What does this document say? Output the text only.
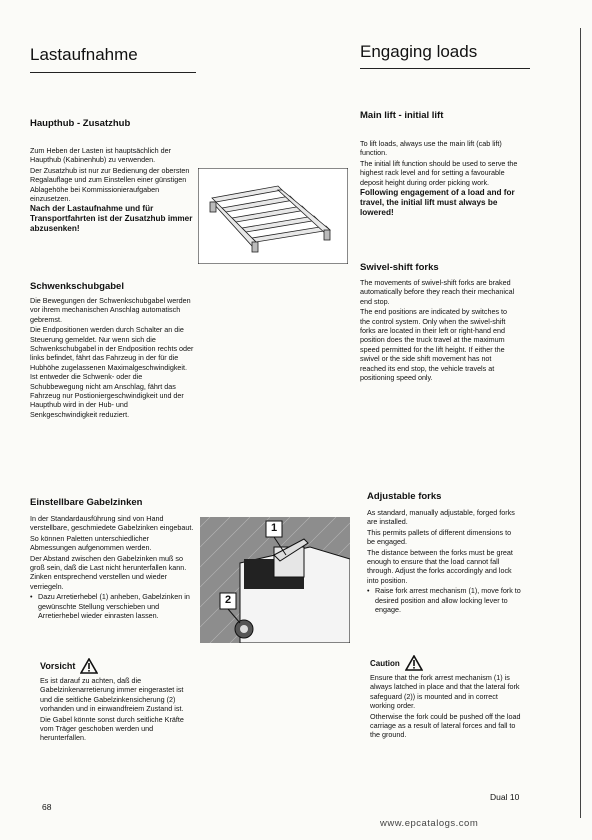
Lastaufnahme	Engaging loads
Haupthub - Zusatzhub

Zum Heben der Lasten ist hauptsächlich der Haupthub (Kabinenhub) zu verwenden.

Der Zusatzhub ist nur zur Bedienung der obersten Regalauflage und zum Einstellen einer günstigen Ablagehöhe bei Kommissionieraufgaben einzusetzen.

Nach der Lastaufnahme und für Transportfahrten ist der Zusatzhub immer abzusenken!

Main lift - initial lift

To lift loads, always use the main lift (cab lift) function.

The initial lift function should be used to serve the highest rack level and for setting a favourable deposit height during order picking work.

Following engagement of a load and for travel, the initial lift must always be lowered!

Schwenkschubgabel

Die Bewegungen der Schwenkschubgabel werden vor ihrem mechanischen Anschlag automatisch gebremst.

Die Endpositionen werden durch Schalter an die Steuerung gemeldet. Nur wenn sich die Schwenkschubgabel in der Endposition rechts oder links befindet, fährt das Fahrzeug in der für die Hubhöhe zugelassenen Maximalgeschwindigkeit. Ist entweder die Schwenk- oder die Schubbewegung nicht am Anschlag, fährt das Fahrzeug nur Postioniergeschwindigkeit und der Haupthub wird in der Hub- und Senkgeschwindigkeit reduziert.

Swivel-shift forks

The movements of swivel-shift forks are braked automatically before they reach their mechanical end stop.

The end positions are indicated by switches to the control system. Only when the swivel-shift forks are located in their left or right-hand end position does the truck travel at the maximum speed permitted for the lift height. If either the swivel or the side shift movement has not reached its end stop, the vehicle travels at positioning speed only.

Einstellbare Gabelzinken

In der Standardausführung sind von Hand verstellbare, geschmiedete Gabelzinken eingebaut.

So können Paletten unterschiedlicher Abmessungen aufgenommen werden.

Der Abstand zwischen den Gabelzinken muß so groß sein, daß die Last nicht herunterfallen kann. Zinken entsprechend verstellen und wieder verriegeln.

• Dazu Arretierhebel (1) anheben, Gabelzinken in gewünschte Stellung verschieben und Arretierhebel wieder einrasten lassen.
1
2
Adjustable forks

As standard, manually adjustable, forged forks are installed.

This permits pallets of different dimensions to be engaged.

The distance between the forks must be great enough to ensure that the load cannot fall through. Adjust the forks accordingly and lock into position.

• Raise fork arrest mechanism (1), move fork to desired position and allow locking lever to engage.
Vorsicht

Es ist darauf zu achten, daß die Gabelzinkenarretierung immer eingerastet ist und die seitliche Gabelzinkensicherung (2) vorhanden und in einwandfreiem Zustand ist.

Die Gabel könnte sonst durch seitliche Kräfte vom Träger geschoben werden und herunterfallen.

Caution

Ensure that the fork arrest mechanism (1) is always latched in place and that the lateral fork safeguard (2)) is mounted and in correct working order.

Otherwise the fork could be pushed off the load carriage as a result of lateral forces and fall to the ground.

68
Dual 10
www.epcatalogs.com
